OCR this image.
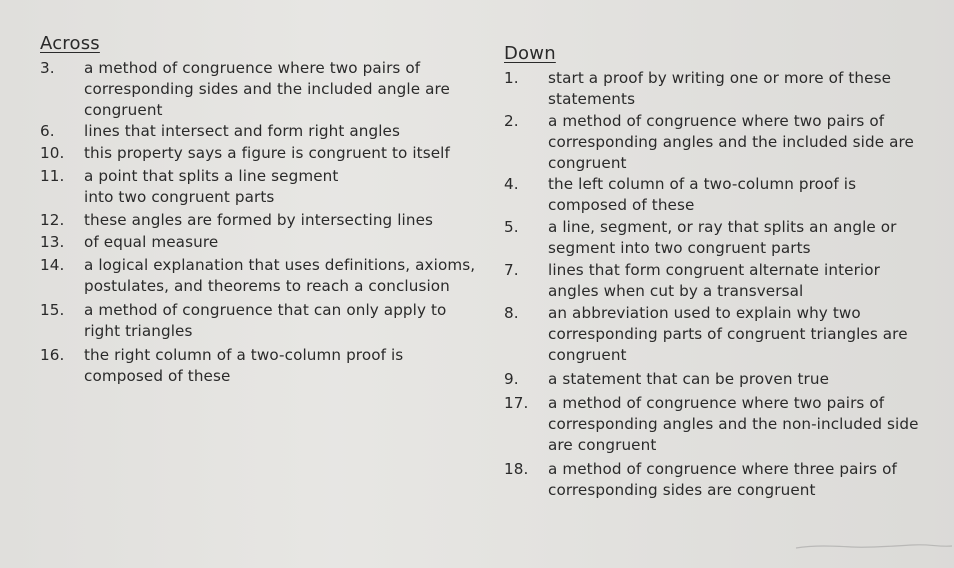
Across	Down
3.	a method of congruence where two pairs of corresponding sides and the included angle are congruent
6.	lines that intersect and form right angles
10.	this property says a figure is congruent to itself
11.	a point that splits a line segment into two congruent parts
12.	these angles are formed by intersecting lines
13.	of equal measure
14.	a logical explanation that uses definitions, axioms, postulates, and theorems to reach a conclusion
15.	a method of congruence that can only apply to right triangles
16.	the right column of a two-column proof is composed of these
1.	start a proof by writing one or more of these statements
2.	a method of congruence where two pairs of corresponding angles and the included side are congruent
4.	the left column of a two-column proof is composed of these
5.	a line, segment, or ray that splits an angle or segment into two congruent parts
7.	lines that form congruent alternate interior angles when cut by a transversal
8.	an abbreviation used to explain why two corresponding parts of congruent triangles are congruent
9.	a statement that can be proven true
17.	a method of congruence where two pairs of corresponding angles and the non-included side are congruent
18.	a method of congruence where three pairs of corresponding sides are congruent
